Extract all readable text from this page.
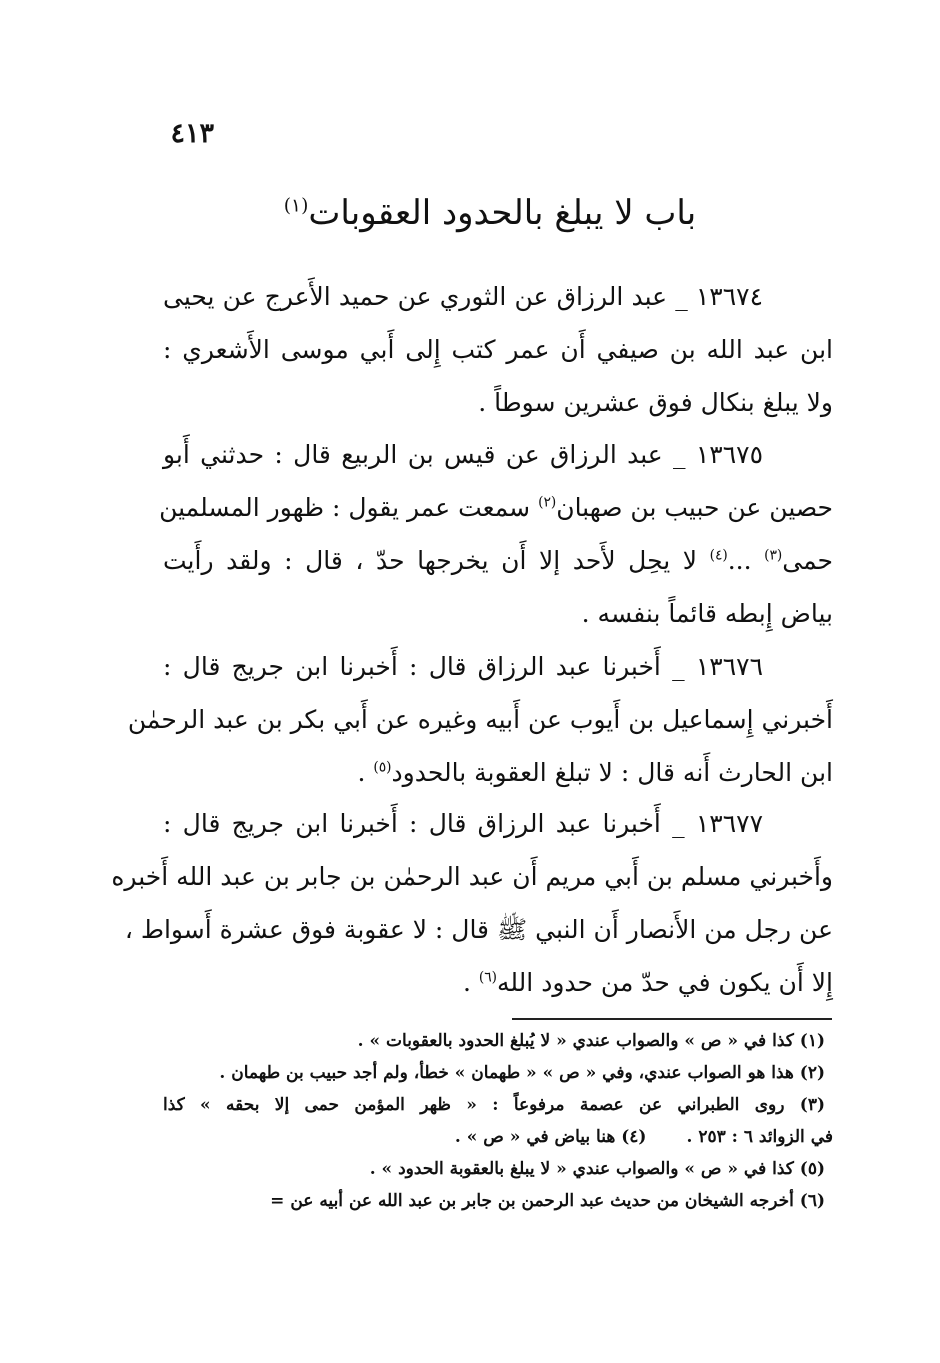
٤١٣
باب لا يبلغ بالحدود العقوبات$^{(١)}$
١٣٦٧٤ _ عبد الرزاق عن الثوري عن حميد الأَعرج عن يحيى
ابن عبد الله بن صيفي أَن عمر كتب إِلى أَبي موسى الأَشعري :
ولا يبلغ بنكال فوق عشرين سوطاً .
١٣٦٧٥ _ عبد الرزاق عن قيس بن الربيع قال : حدثني أَبو
حصين عن حبيب بن صهبان$^{(٢)}$ سمعت عمر يقول : ظهور المسلمين
حمى$^{(٣)}$ ...$^{(٤)}$ لا يحِل لأَحد إلا أَن يخرجها حدّ ، قال : ولقد رأَيت
بياض إِبطه قائماً بنفسه .
١٣٦٧٦ _ أَخبرنا عبد الرزاق قال : أَخبرنا ابن جريج قال :
أَخبرني إِسماعيل بن أَيوب عن أَبيه وغيره عن أَبي بكر بن عبد الرحمٰن
ابن الحارث أَنه قال : لا تبلغ العقوبة بالحدود$^{(٥)}$ .
١٣٦٧٧ _ أَخبرنا عبد الرزاق قال : أَخبرنا ابن جريج قال :
وأَخبرني مسلم بن أَبي مريم أَن عبد الرحمٰن بن جابر بن عبد الله أَخبره
عن رجل من الأَنصار أَن النبي ﷺ قال : لا عقوبة فوق عشرة أَسواط ،
إِلا أَن يكون في حدّ من حدود الله$^{(٦)}$ .
(١) كذا في « ص » والصواب عندي « لا يُبلغ الحدود بالعقوبات » .
(٢) هذا هو الصواب عندي، وفي « ص » « طهمان » خطأ، ولم أجد حبيب بن طهمان .
(٣) روى الطبراني عن عصمة مرفوعاً : « ظهر المؤمن حمى إلا بحقه » كذا
في الزوائد ٦ : ٢٥٣ .(٤) هنا بياض في « ص » .
(٥) كذا في « ص » والصواب عندي « لا يبلغ بالعقوبة الحدود » .
(٦) أخرجه الشيخان من حديث عبد الرحمن بن جابر بن عبد الله عن أبيه عن =
